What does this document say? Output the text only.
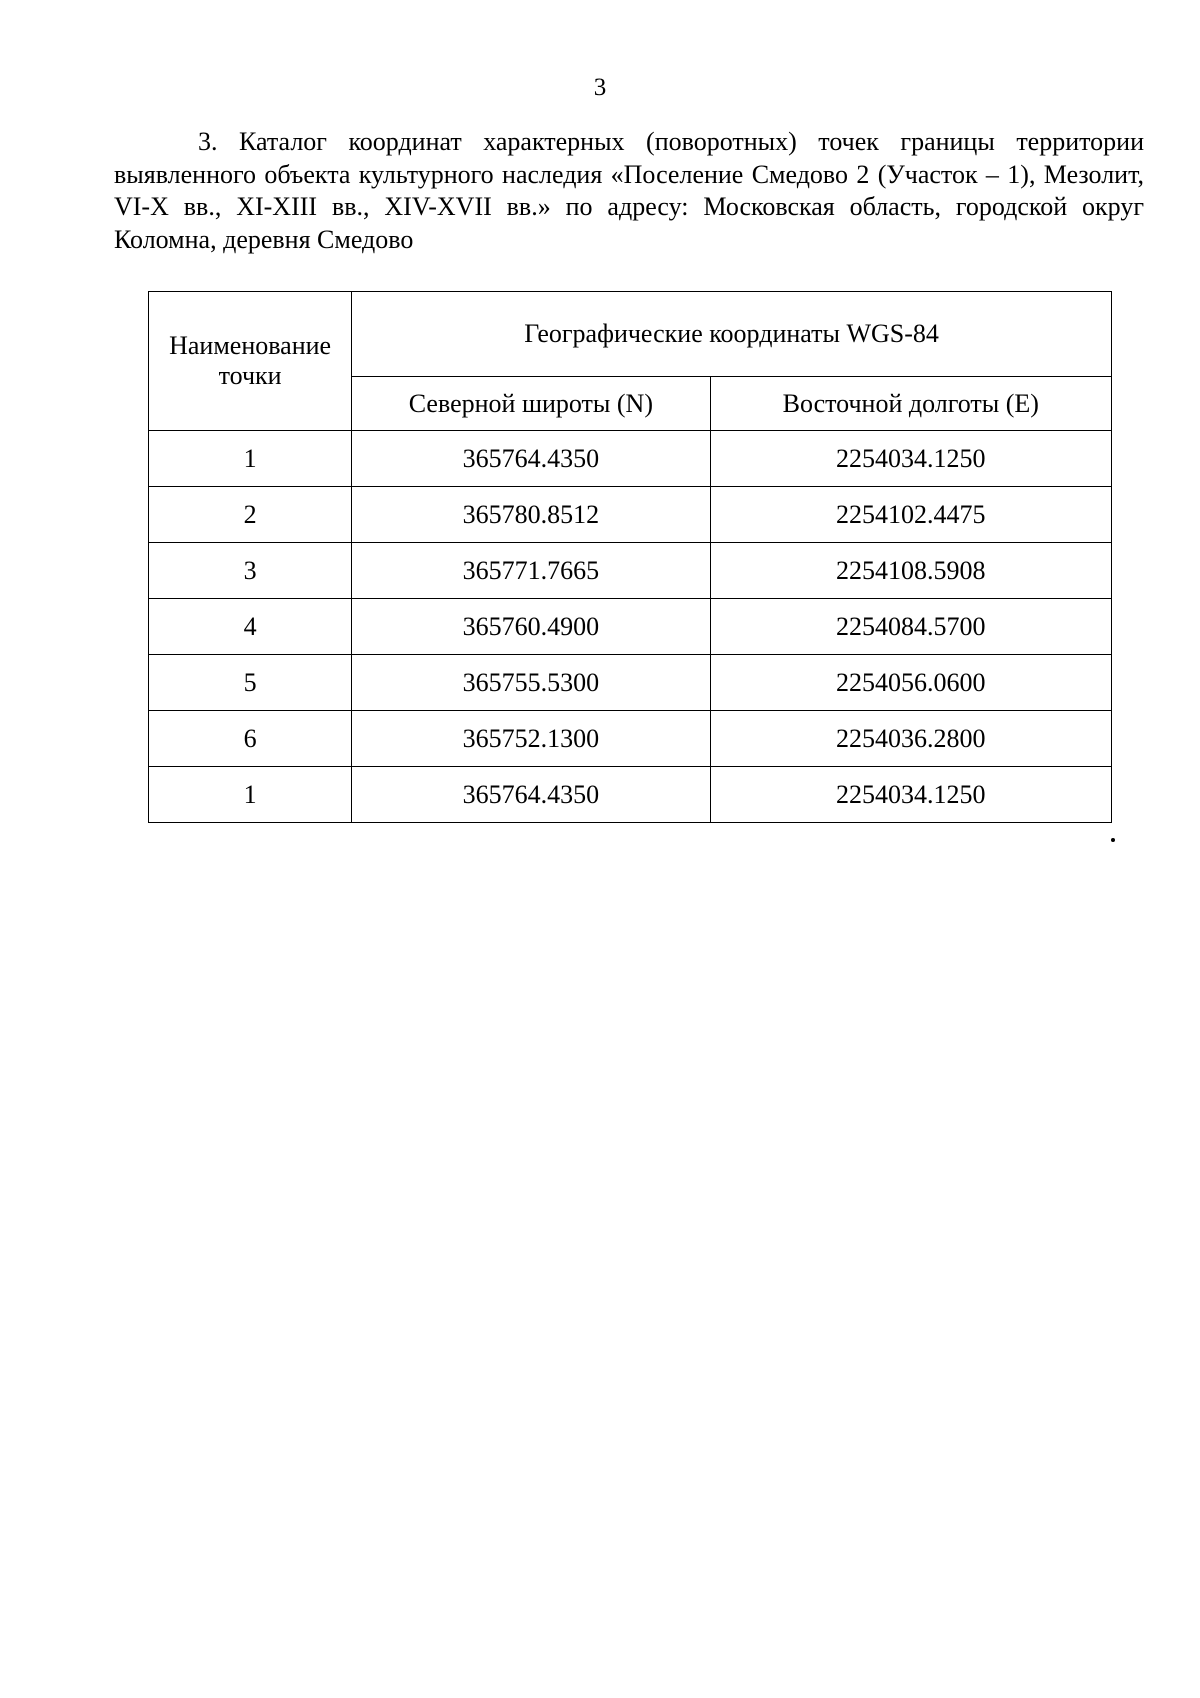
3

3. Каталог координат характерных (поворотных) точек границы территории выявленного объекта культурного наследия «Поселение Смедово 2 (Участок – 1), Мезолит, VI-X вв., XI-XIII вв., XIV-XVII вв.» по адресу: Московская область, городской округ Коломна, деревня Смедово

Наименование точки	Географические координаты WGS-84	
	Северной широты (N)	Восточной долготы (E)
1	365764.4350	2254034.1250
2	365780.8512	2254102.4475
3	365771.7665	2254108.5908
4	365760.4900	2254084.5700
5	365755.5300	2254056.0600
6	365752.1300	2254036.2800
1	365764.4350	2254034.1250
